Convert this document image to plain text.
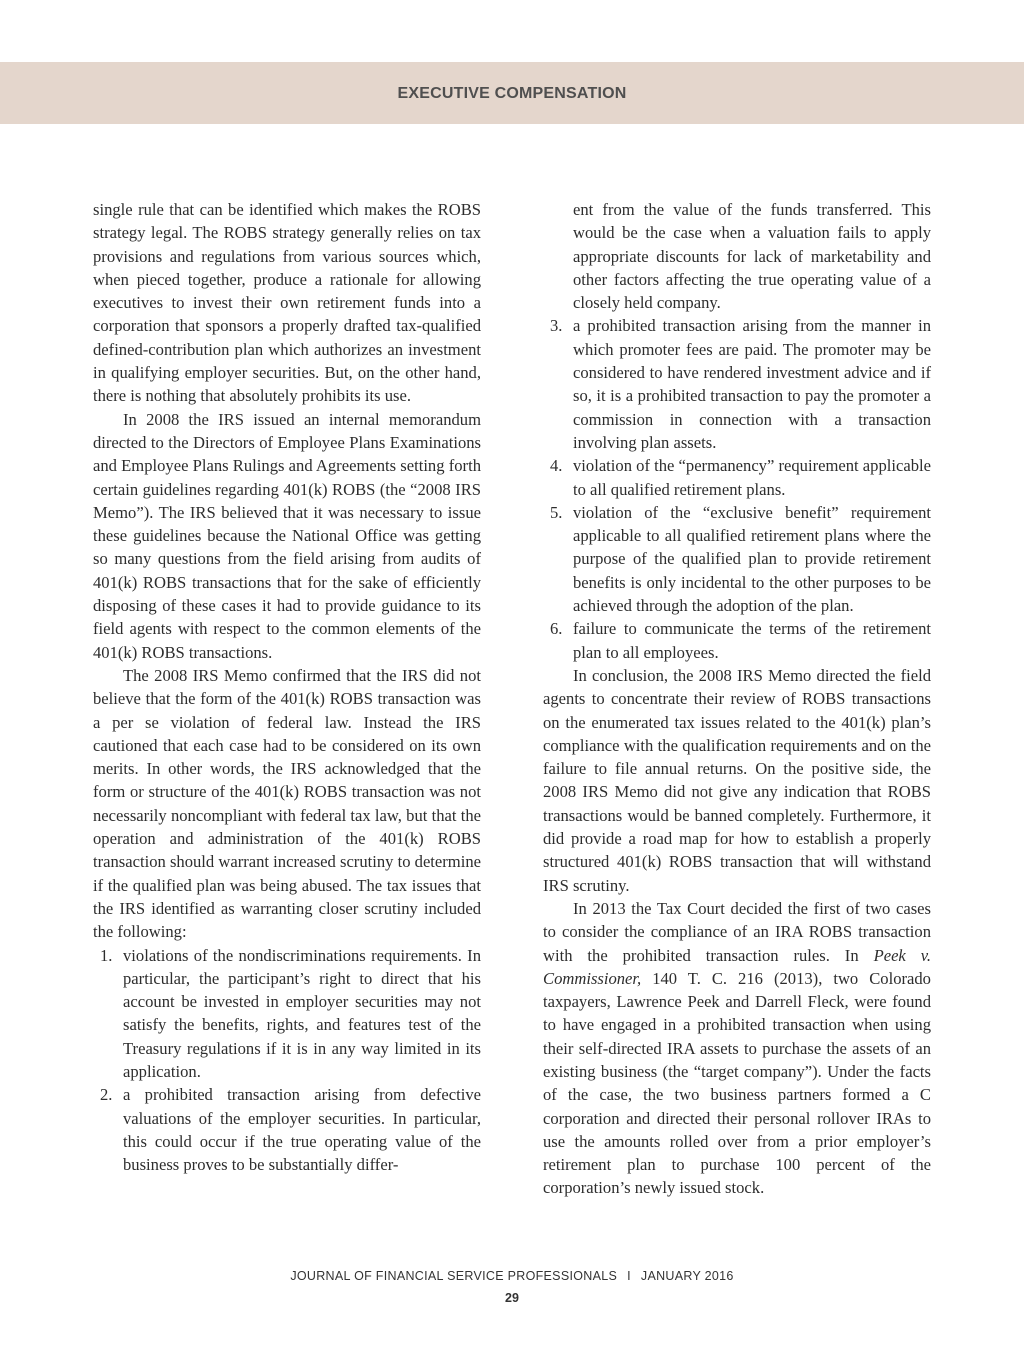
EXECUTIVE COMPENSATION

single rule that can be identified which makes the ROBS strategy legal. The ROBS strategy generally relies on tax provisions and regulations from various sources which, when pieced together, produce a rationale for allowing executives to invest their own retirement funds into a corporation that sponsors a properly drafted tax-qualified defined-contribution plan which authorizes an investment in qualifying employer securities. But, on the other hand, there is nothing that absolutely prohibits its use.

In 2008 the IRS issued an internal memorandum directed to the Directors of Employee Plans Examinations and Employee Plans Rulings and Agreements setting forth certain guidelines regarding 401(k) ROBS (the “2008 IRS Memo”). The IRS believed that it was necessary to issue these guidelines because the National Office was getting so many questions from the field arising from audits of 401(k) ROBS transactions that for the sake of efficiently disposing of these cases it had to provide guidance to its field agents with respect to the common elements of the 401(k) ROBS transactions.

The 2008 IRS Memo confirmed that the IRS did not believe that the form of the 401(k) ROBS transaction was a per se violation of federal law. Instead the IRS cautioned that each case had to be considered on its own merits. In other words, the IRS acknowledged that the form or structure of the 401(k) ROBS transaction was not necessarily noncompliant with federal tax law, but that the operation and administration of the 401(k) ROBS transaction should warrant increased scrutiny to determine if the qualified plan was being abused. The tax issues that the IRS identified as warranting closer scrutiny included the following:

1. violations of the nondiscriminations requirements. In particular, the participant’s right to direct that his account be invested in employer securities may not satisfy the benefits, rights, and features test of the Treasury regulations if it is in any way limited in its application.
2. a prohibited transaction arising from defective valuations of the employer securities. In particular, this could occur if the true operating value of the business proves to be substantially differ-
ent from the value of the funds transferred. This would be the case when a valuation fails to apply appropriate discounts for lack of marketability and other factors affecting the true operating value of a closely held company.
3. a prohibited transaction arising from the manner in which promoter fees are paid. The promoter may be considered to have rendered investment advice and if so, it is a prohibited transaction to pay the promoter a commission in connection with a transaction involving plan assets.
4. violation of the “permanency” requirement applicable to all qualified retirement plans.
5. violation of the “exclusive benefit” requirement applicable to all qualified retirement plans where the purpose of the qualified plan to provide retirement benefits is only incidental to the other purposes to be achieved through the adoption of the plan.
6. failure to communicate the terms of the retirement plan to all employees.

In conclusion, the 2008 IRS Memo directed the field agents to concentrate their review of ROBS transactions on the enumerated tax issues related to the 401(k) plan’s compliance with the qualification requirements and on the failure to file annual returns. On the positive side, the 2008 IRS Memo did not give any indication that ROBS transactions would be banned completely. Furthermore, it did provide a road map for how to establish a properly structured 401(k) ROBS transaction that will withstand IRS scrutiny.

In 2013 the Tax Court decided the first of two cases to consider the compliance of an IRA ROBS transaction with the prohibited transaction rules. In Peek v. Commissioner, 140 T. C. 216 (2013), two Colorado taxpayers, Lawrence Peek and Darrell Fleck, were found to have engaged in a prohibited transaction when using their self-directed IRA assets to purchase the assets of an existing business (the “target company”). Under the facts of the case, the two business partners formed a C corporation and directed their personal rollover IRAs to use the amounts rolled over from a prior employer’s retirement plan to purchase 100 percent of the corporation’s newly issued stock.

JOURNAL OF FINANCIAL SERVICE PROFESSIONALS I JANUARY 2016
29
